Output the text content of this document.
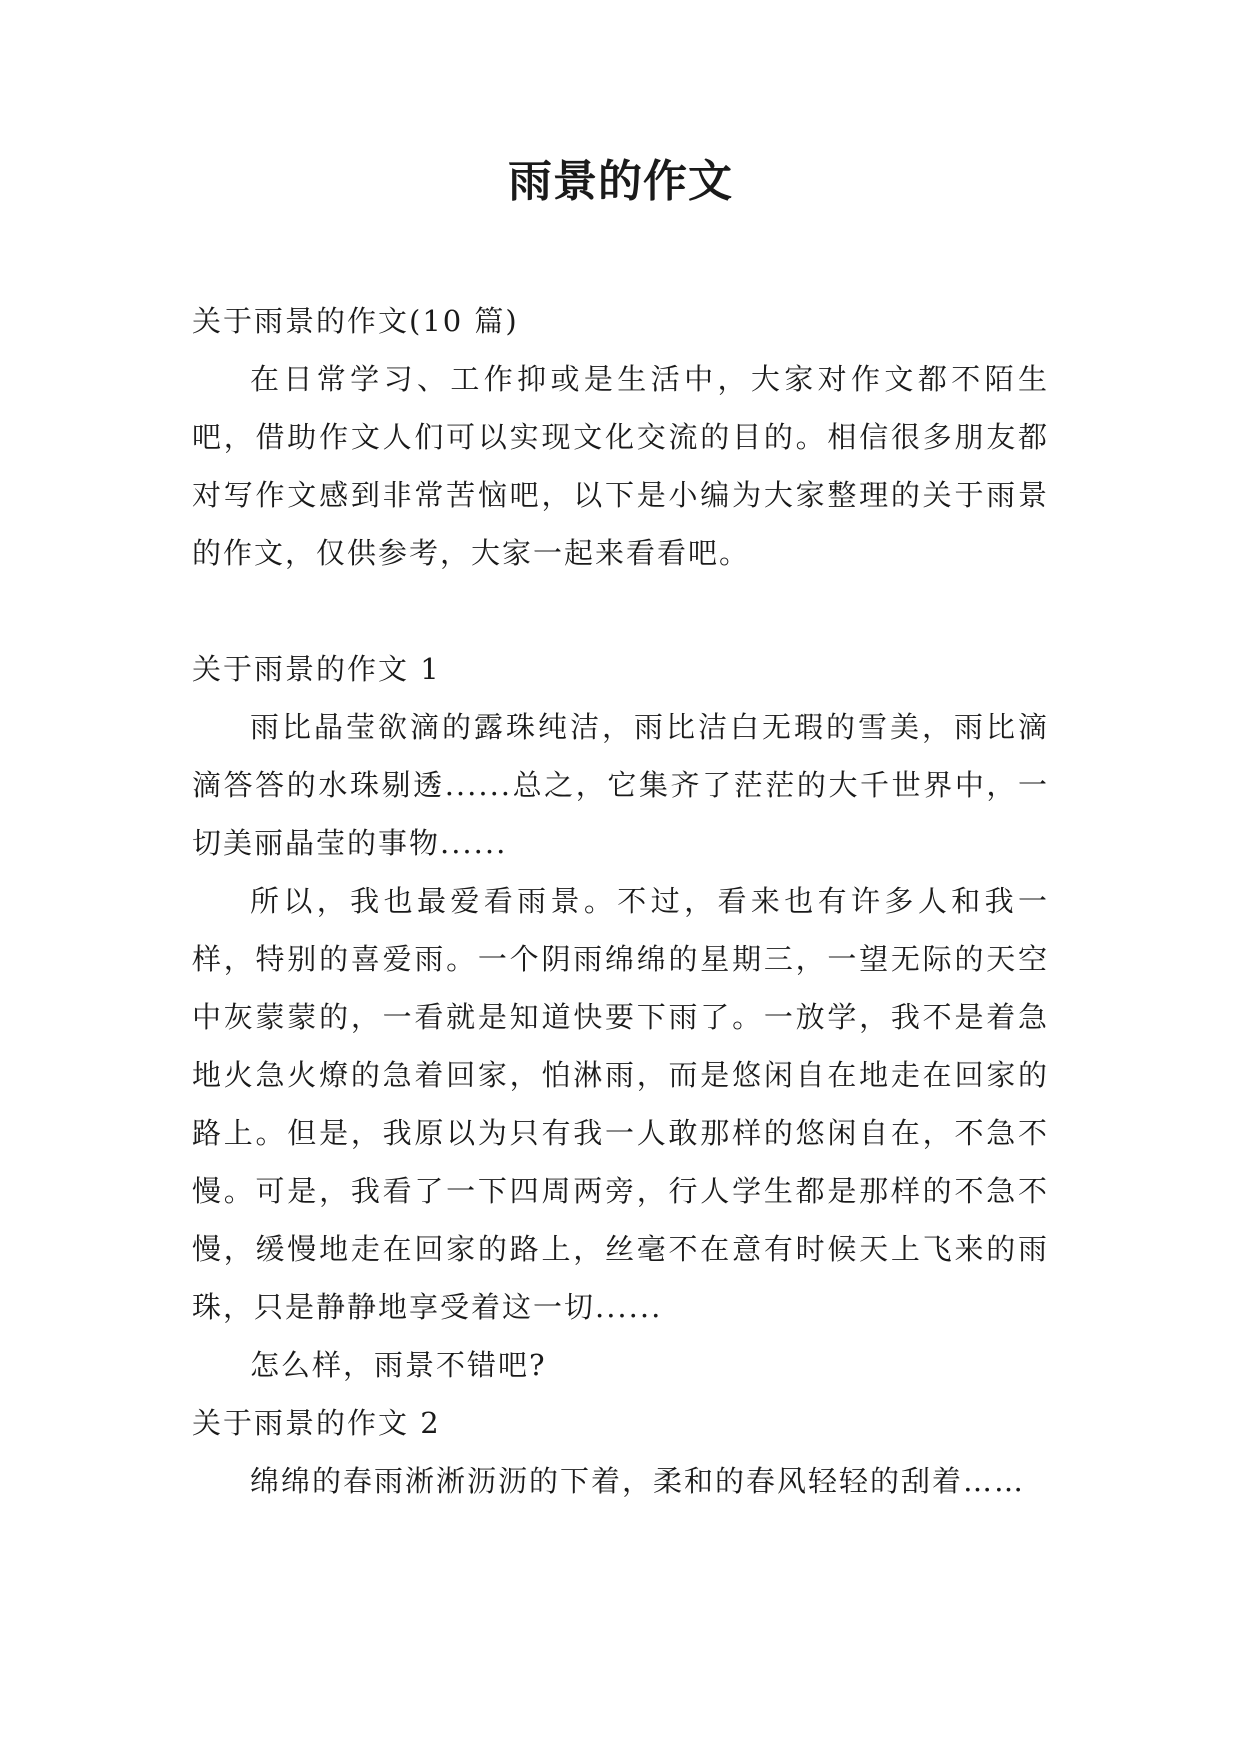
雨景的作文

关于雨景的作文(10 篇)

在日常学习、工作抑或是生活中，大家对作文都不陌生吧，借助作文人们可以实现文化交流的目的。相信很多朋友都对写作文感到非常苦恼吧，以下是小编为大家整理的关于雨景的作文，仅供参考，大家一起来看看吧。

关于雨景的作文 1

雨比晶莹欲滴的露珠纯洁，雨比洁白无瑕的雪美，雨比滴滴答答的水珠剔透......总之，它集齐了茫茫的大千世界中，一切美丽晶莹的事物......

所以，我也最爱看雨景。不过，看来也有许多人和我一样，特别的喜爱雨。一个阴雨绵绵的星期三，一望无际的天空中灰蒙蒙的，一看就是知道快要下雨了。一放学，我不是着急地火急火燎的急着回家，怕淋雨，而是悠闲自在地走在回家的路上。但是，我原以为只有我一人敢那样的悠闲自在，不急不慢。可是，我看了一下四周两旁，行人学生都是那样的不急不慢，缓慢地走在回家的路上，丝毫不在意有时候天上飞来的雨珠，只是静静地享受着这一切......

怎么样，雨景不错吧?

关于雨景的作文 2

绵绵的春雨淅淅沥沥的下着，柔和的春风轻轻的刮着……
